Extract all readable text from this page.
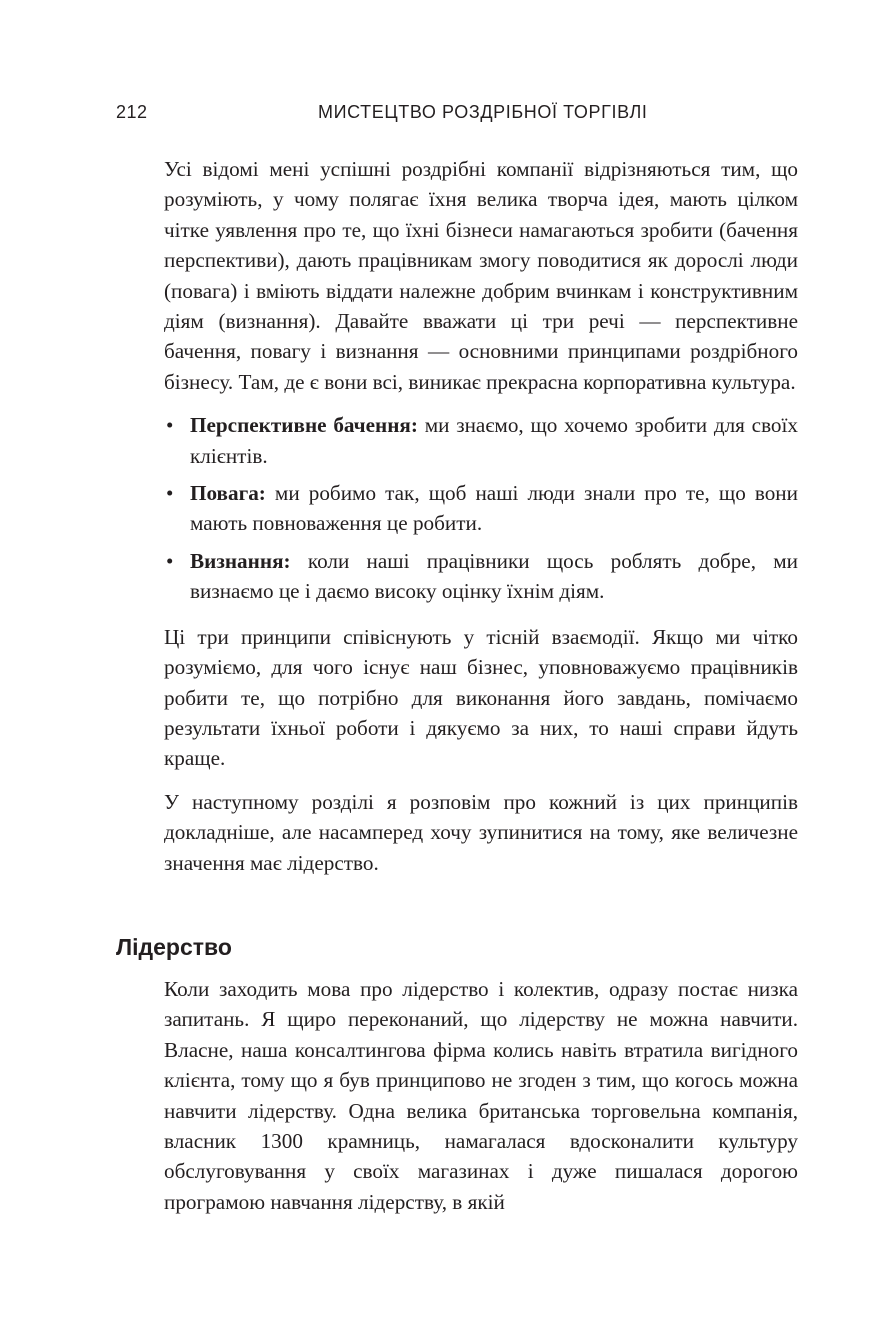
212	МИСТЕЦТВО РОЗДРІБНОЇ ТОРГІВЛІ

Усі відомі мені успішні роздрібні компанії відрізняються тим, що розуміють, у чому полягає їхня велика творча ідея, мають цілком чітке уявлення про те, що їхні бізнеси намагаються зробити (бачення перспективи), дають працівникам змогу поводитися як дорослі люди (повага) і вміють віддати належне добрим вчинкам і конструктивним діям (визнання). Давайте вважати ці три речі — перспективне бачення, повагу і визнання — основними принципами роздрібного бізнесу. Там, де є вони всі, виникає прекрасна корпоративна культура.

• Перспективне бачення: ми знаємо, що хочемо зробити для своїх клієнтів.
• Повага: ми робимо так, щоб наші люди знали про те, що вони мають повноваження це робити.
• Визнання: коли наші працівники щось роблять добре, ми визнаємо це і даємо високу оцінку їхнім діям.

Ці три принципи співіснують у тісній взаємодії. Якщо ми чітко розуміємо, для чого існує наш бізнес, уповноважуємо працівників робити те, що потрібно для виконання його завдань, помічаємо результати їхньої роботи і дякуємо за них, то наші справи йдуть краще.

У наступному розділі я розповім про кожний із цих принципів докладніше, але насамперед хочу зупинитися на тому, яке величезне значення має лідерство.

Лідерство

Коли заходить мова про лідерство і колектив, одразу постає низка запитань. Я щиро переконаний, що лідерству не можна навчити. Власне, наша консалтингова фірма колись навіть втратила вигідного клієнта, тому що я був принципово не згоден з тим, що когось можна навчити лідерству. Одна велика британська торговельна компанія, власник 1300 крамниць, намагалася вдосконалити культуру обслуговування у своїх магазинах і дуже пишалася дорогою програмою навчання лідерству, в якій
